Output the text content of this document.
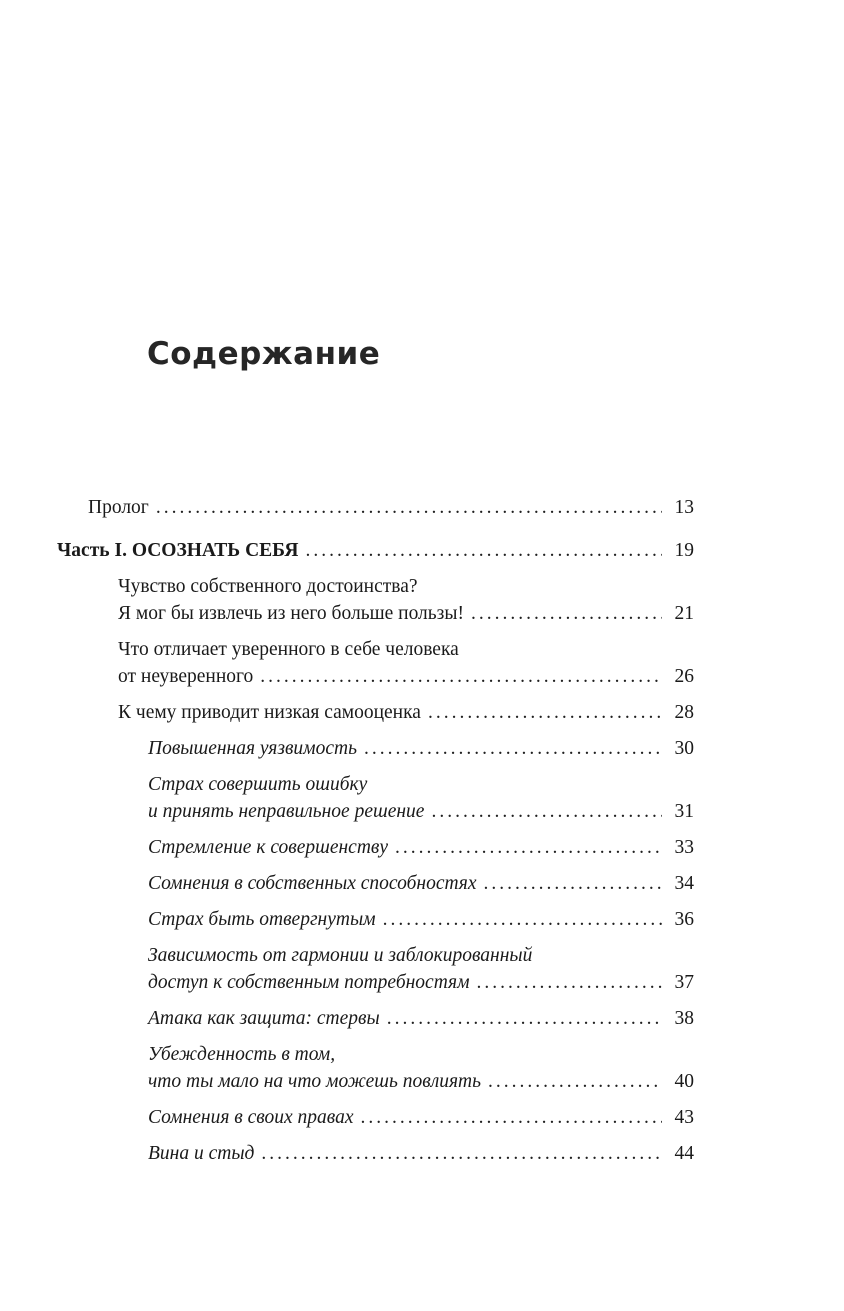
Содержание
Пролог .....	13
Часть I. ОСОЗНАТЬ СЕБЯ .....	19
Чувство собственного достоинства?
Я мог бы извлечь из него больше пользы! .....	21
Что отличает уверенного в себе человека
от неуверенного .....	26
К чему приводит низкая самооценка .....	28
Повышенная уязвимость .....	30
Страх совершить ошибку
и принять неправильное решение .....	31
Стремление к совершенству .....	33
Сомнения в собственных способностях .....	34
Страх быть отвергнутым .....	36
Зависимость от гармонии и заблокированный
доступ к собственным потребностям .....	37
Атака как защита: стервы .....	38
Убежденность в том,
что ты мало на что можешь повлиять .....	40
Сомнения в своих правах .....	43
Вина и стыд .....	44
